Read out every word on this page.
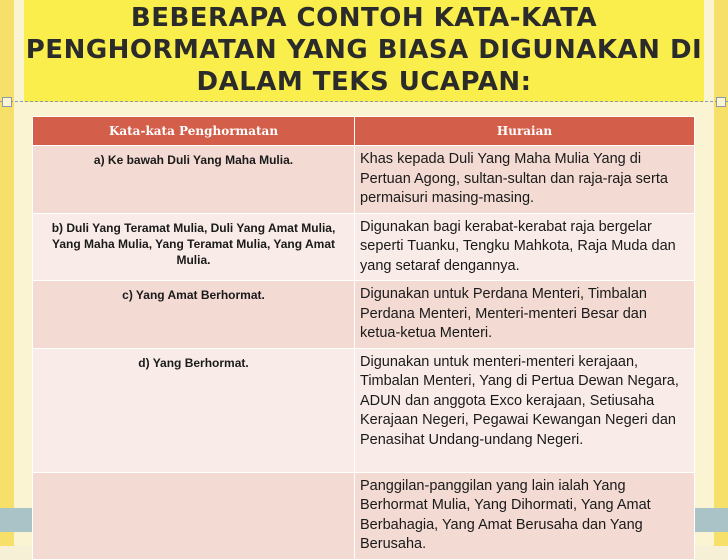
BEBERAPA CONTOH KATA-KATA PENGHORMATAN YANG BIASA DIGUNAKAN DI DALAM TEKS UCAPAN:
Kata-kata Penghormatan	Huraian
a) Ke bawah Duli Yang Maha Mulia.	Khas kepada Duli Yang Maha Mulia Yang di Pertuan Agong, sultan-sultan dan raja-raja serta permaisuri masing-masing.
b) Duli Yang Teramat Mulia, Duli Yang Amat Mulia, Yang Maha Mulia, Yang Teramat Mulia, Yang Amat Mulia.	Digunakan bagi kerabat-kerabat raja bergelar seperti Tuanku, Tengku Mahkota, Raja Muda dan yang setaraf dengannya.
c) Yang Amat Berhormat.	Digunakan untuk Perdana Menteri, Timbalan Perdana Menteri, Menteri-menteri Besar dan ketua-ketua Menteri.
d) Yang Berhormat.	Digunakan untuk menteri-menteri kerajaan, Timbalan Menteri, Yang di Pertua Dewan Negara, ADUN dan anggota Exco kerajaan, Setiusaha Kerajaan Negeri, Pegawai Kewangan Negeri dan Penasihat Undang-undang Negeri.
	Panggilan-panggilan yang lain ialah Yang Berhormat Mulia, Yang Dihormati, Yang Amat Berbahagia, Yang Amat Berusaha dan Yang Berusaha.
